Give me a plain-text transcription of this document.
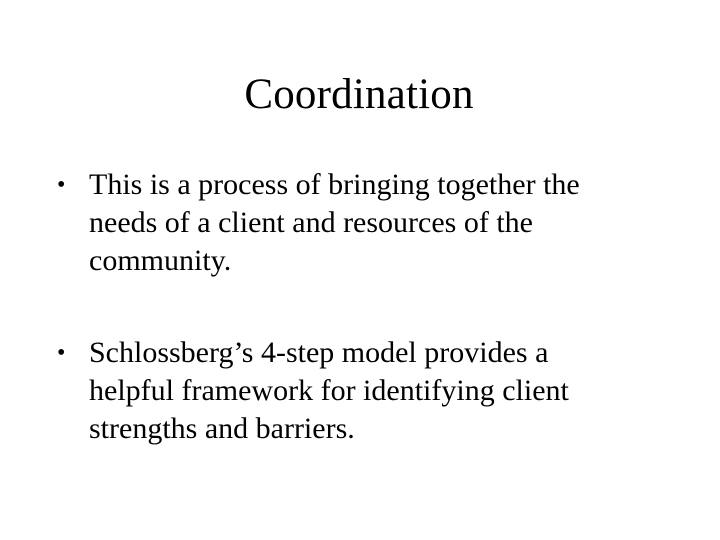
Coordination
• This is a process of bringing together the
needs of a client and resources of the
community.
• Schlossberg’s 4-step model provides a
helpful framework for identifying client
strengths and barriers.
